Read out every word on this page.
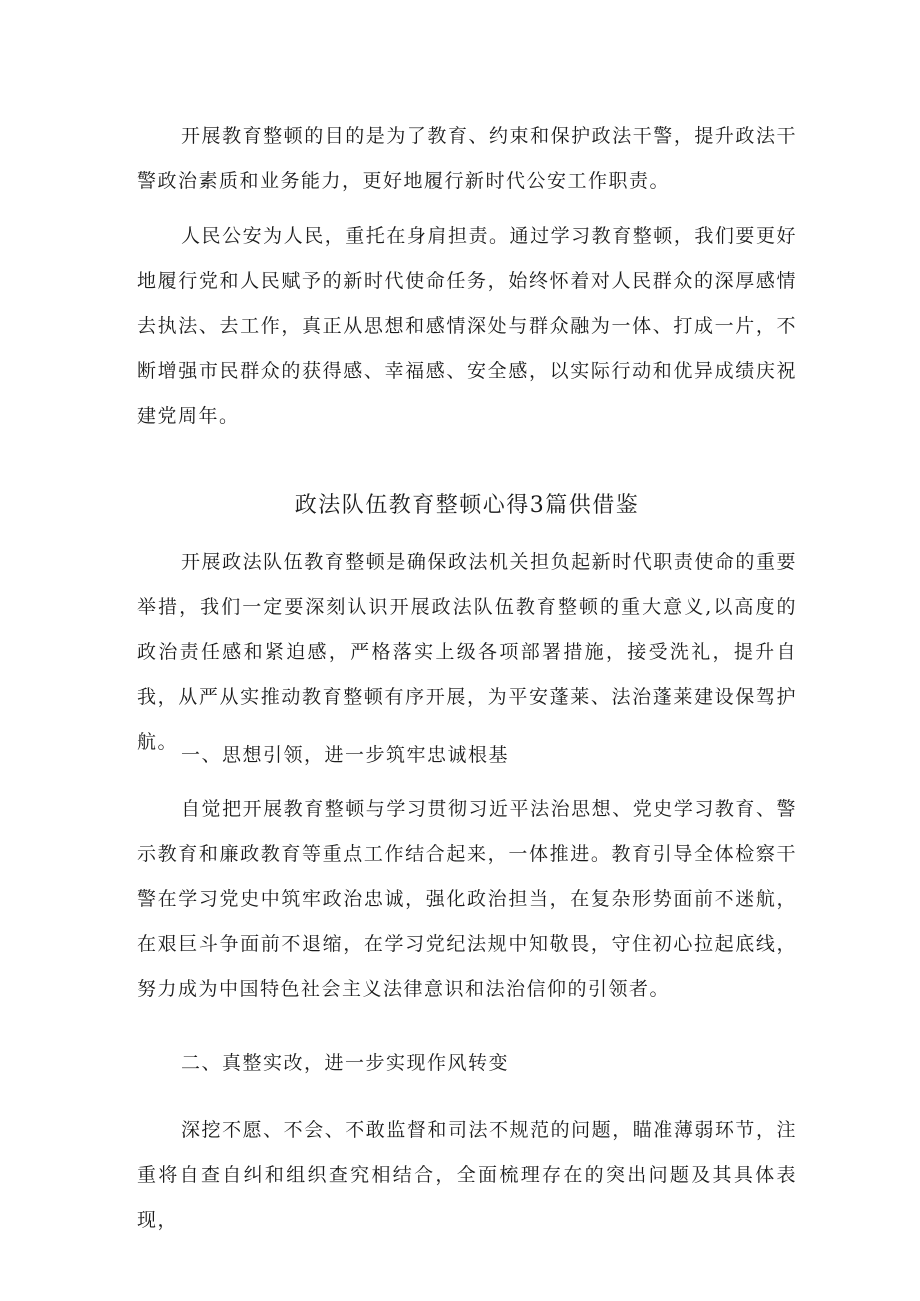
开展教育整顿的目的是为了教育、约束和保护政法干警，提升政法干警政治素质和业务能力，更好地履行新时代公安工作职责。

人民公安为人民，重托在身肩担责。通过学习教育整顿，我们要更好地履行党和人民赋予的新时代使命任务，始终怀着对人民群众的深厚感情去执法、去工作，真正从思想和感情深处与群众融为一体、打成一片，不断增强市民群众的获得感、幸福感、安全感，以实际行动和优异成绩庆祝建党周年。

政法队伍教育整顿心得3篇供借鉴

开展政法队伍教育整顿是确保政法机关担负起新时代职责使命的重要举措，我们一定要深刻认识开展政法队伍教育整顿的重大意义,以高度的政治责任感和紧迫感，严格落实上级各项部署措施，接受洗礼，提升自我，从严从实推动教育整顿有序开展，为平安蓬莱、法治蓬莱建设保驾护航。

一、思想引领，进一步筑牢忠诚根基

自觉把开展教育整顿与学习贯彻习近平法治思想、党史学习教育、警示教育和廉政教育等重点工作结合起来，一体推进。教育引导全体检察干警在学习党史中筑牢政治忠诚，强化政治担当，在复杂形势面前不迷航，在艰巨斗争面前不退缩，在学习党纪法规中知敬畏，守住初心拉起底线，努力成为中国特色社会主义法律意识和法治信仰的引领者。

二、真整实改，进一步实现作风转变

深挖不愿、不会、不敢监督和司法不规范的问题，瞄准薄弱环节，注重将自查自纠和组织查究相结合，全面梳理存在的突出问题及其具体表现，
